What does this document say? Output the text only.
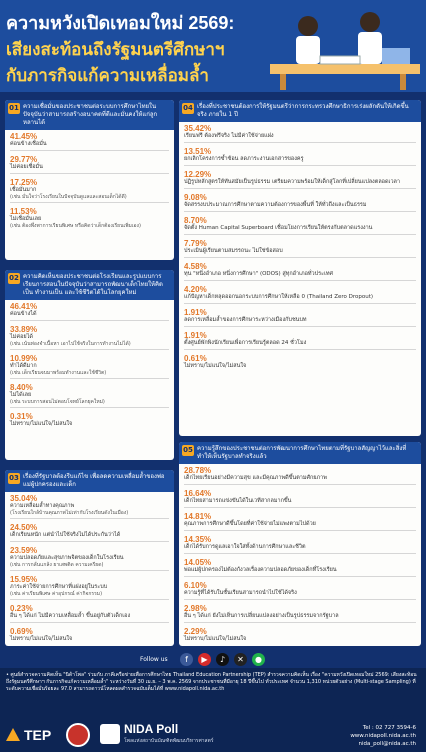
ความหวังเปิดเทอมใหม่ 2569:
เสียงสะท้อนถึงรัฐมนตรีศึกษาฯ
กับภารกิจแก้ความเหลื่อมล้ำ
01 ความเชื่อมั่นของประชาชนต่อระบบการศึกษาไทยในปัจจุบันว่าสามารถสร้างอนาคตที่ดีและมั่นคงให้แก่ลูกหลานได้
41.45%
ค่อนข้างเชื่อมั่น
29.77%
ไม่ค่อยเชื่อมั่น
17.25%
เชื่อมั่นมาก
(เช่น มั่นใจว่าโรงเรียนในปัจจุบันดูแลและสอนเด็กได้ดี)
11.53%
ไม่เชื่อมั่นเลย
(เช่น ต้องพึ่งพาการเรียนพิเศษ หรือคิดว่าเด็กต้องเรียนเพิ่มเอง)
02 ความคิดเห็นของประชาชนต่อโรงเรียนและรูปแบบการเรียนการสอนในปัจจุบันว่าสามารถพัฒนาเด็กไทยให้คิดเป็น ทำงานเป็น และใช้ชีวิตได้ในโลกยุคใหม่
46.41%
ค่อนข้างได้
33.89%
ไม่ค่อยได้
(เช่น เน้นท่องจำเนื้อหา เอาไปใช้จริงในการทำงานไม่ได้)
10.99%
ทำได้ดีมาก
(เช่น เด็กเรียนจบมาพร้อมทำงานและใช้ชีวิต)
8.40%
ไม่ได้เลย
(เช่น ระบบการสอนไม่ตอบโจทย์โลกยุคใหม่)
0.31%
ไม่ทราบ/ไม่แน่ใจ/ไม่สนใจ
03 เรื่องที่รัฐบาลต้องรีบแก้ไข เพื่อลดความเหลื่อมล้ำของพ่อแม่ผู้ปกครองและเด็ก
35.04%
ความเหลื่อมล้ำทางคุณภาพ
(โรงเรียนใกล้บ้านคุณภาพไม่เท่ากับโรงเรียนดังในเมือง)
24.50%
เด็กเรียนหนัก แต่นำไปใช้จริงไม่ได้ประกันว่าได้
23.59%
ความปลอดภัยและสุขภาพจิตของเด็กในโรงเรียน
(เช่น การกลั่นแกล้ง ยาเสพติด ความเครียด)
15.95%
ภาระค่าใช้จ่ายการศึกษาที่แฝงอยู่ในระบบ
(เช่น ค่าเรียนพิเศษ ค่าอุปกรณ์ ค่ากิจกรรม)
0.23%
อื่น ๆ ได้แก่ ไม่มีความเหลื่อมล้ำ ขึ้นอยู่กับตัวเด็กเอง
0.69%
ไม่ทราบ/ไม่แน่ใจ/ไม่สนใจ
04 เรื่องที่ประชาชนต้องการให้รัฐมนตรีว่าการกระทรวงศึกษาธิการเร่งผลักดันให้เกิดขึ้นจริง ภายใน 1 ปี
35.42%
เรียนฟรี ต้องฟรีจริง ไม่มีค่าใช้จ่ายแฝง
13.51%
ยกเลิกโครงการซ้ำซ้อน ลดภาระงานเอกสารของครู
12.29%
ปฏิรูปหลักสูตรให้ทันสมัยเป็นรูปธรรม เตรียมความพร้อมให้เด็กสู่โลกที่เปลี่ยนแปลงตลอดเวลา
9.08%
จัดสรรงบประมาณการศึกษาตามความต้องการของพื้นที่ ให้ทั่วถึงและเป็นธรรม
8.70%
จัดตั้ง Human Capital Superboard เชื่อมโยงการเรียนให้ตรงกับตลาดแรงงาน
7.79%
ประเมินผู้เรียนตามสมรรถนะ ไม่ใช่ข้อสอบ
4.58%
ทุน "หนึ่งอำเภอ หนึ่งการศึกษา" (ODOS) สู่ทุกอำเภอทั่วประเทศ
4.20%
แก้ปัญหาเด็กหลุดออกนอกระบบการศึกษาให้เหลือ 0 (Thailand Zero Dropout)
1.91%
ลดการเหลื่อมล้ำของการศึกษาระหว่างเมืองกับชนบท
1.91%
ตั้งศูนย์พักพิงนักเรียนเพื่อการเรียนรู้ตลอด 24 ชั่วโมง
0.61%
ไม่ทราบ/ไม่แน่ใจ/ไม่สนใจ
05 ความรู้สึกของประชาชนต่อการพัฒนาการศึกษาไทยตามที่รัฐบาลสัญญาไว้และสิ่งที่ทำให้เห็นรัฐบาลทำจริงแล้ว
28.78%
เด็กไทยเรียนอย่างมีความสุข และมีคุณภาพดีขึ้นตามศักยภาพ
16.64%
เด็กไทยสามารถแข่งขันได้ในเวทีสากลมากขึ้น
14.81%
คุณภาพการศึกษาดีขึ้นโดยที่ค่าใช้จ่ายไม่แพงตามไปด้วย
14.35%
เด็กได้รับการดูแลเอาใจใส่ทั้งด้านการศึกษาและชีวิต
14.05%
พ่อแม่ผู้ปกครองไม่ต้องกังวลเรื่องความปลอดภัยของเด็กที่โรงเรียน
6.10%
ความรู้ที่ได้รับในชั้นเรียนสามารถนำไปใช้ได้จริง
2.98%
อื่น ๆ ได้แก่ ยังไม่เห็นการเปลี่ยนแปลงอย่างเป็นรูปธรรมจากรัฐบาล
2.29%
ไม่ทราบ/ไม่แน่ใจ/ไม่สนใจ
Follow us	f	▶	♪	✕	●
• ศูนย์สำรวจความคิดเห็น "นิด้าโพล" ร่วมกับ ภาคีเครือข่ายเพื่อการศึกษาไทย Thailand Education Partnership (TEP) สำรวจความคิดเห็น เรื่อง "ความหวังเปิดเทอมใหม่ 2569: เสียงสะท้อนถึงรัฐมนตรีศึกษาฯ กับภารกิจแก้ความเหลื่อมล้ำ" ระหว่างวันที่ 30 เม.ย. – 3 พ.ค. 2569 จากประชาชนที่มีอายุ 18 ปีขึ้นไป ทั่วประเทศ จำนวน 1,310 หน่วยตัวอย่าง (Multi-stage Sampling) ที่ระดับความเชื่อมั่นร้อยละ 97.0 สามารถดาวน์โหลดผลสำรวจฉบับเต็มได้ที่ www.nidapoll.nida.ac.th
TEP	NIDA Poll
โพลแห่งสถาบันบัณฑิตพัฒนบริหารศาสตร์
Tel : 02 727 3594-6
www.nidapoll.nida.ac.th
nida_poll@nida.ac.th
